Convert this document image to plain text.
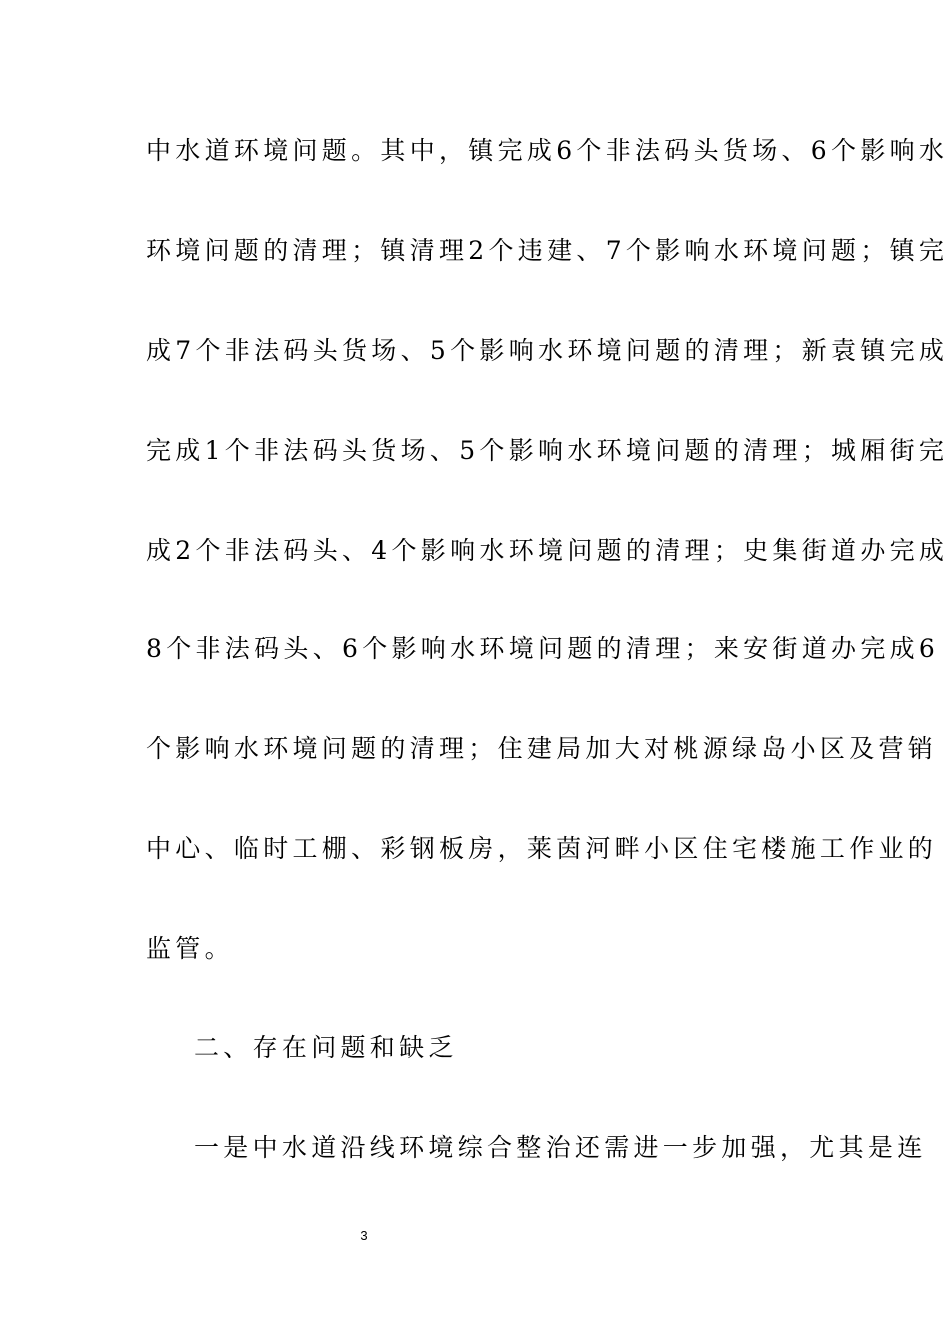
中水道环境问题。其中，镇完成6个非法码头货场、6个影响水
环境问题的清理；镇清理2个违建、7个影响水环境问题；镇完
成7个非法码头货场、5个影响水环境问题的清理；新袁镇完成
完成1个非法码头货场、5个影响水环境问题的清理；城厢街完
成2个非法码头、4个影响水环境问题的清理；史集街道办完成
8个非法码头、6个影响水环境问题的清理；来安街道办完成6
个影响水环境问题的清理；住建局加大对桃源绿岛小区及营销
中心、临时工棚、彩钢板房，莱茵河畔小区住宅楼施工作业的
监管。
二、存在问题和缺乏
一是中水道沿线环境综合整治还需进一步加强，尤其是连
3
